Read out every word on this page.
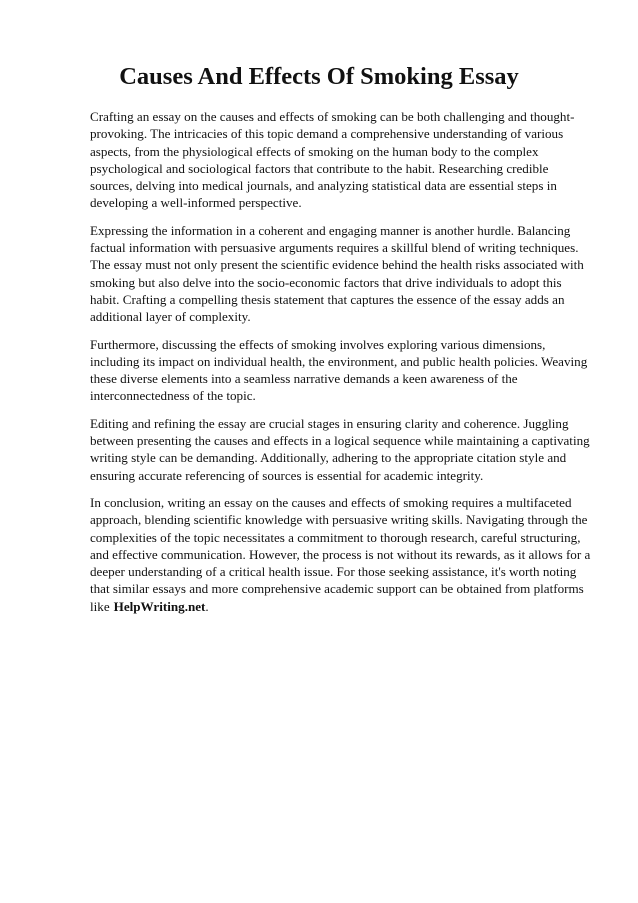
Causes And Effects Of Smoking Essay

Crafting an essay on the causes and effects of smoking can be both challenging and thought-provoking. The intricacies of this topic demand a comprehensive understanding of various aspects, from the physiological effects of smoking on the human body to the complex psychological and sociological factors that contribute to the habit. Researching credible sources, delving into medical journals, and analyzing statistical data are essential steps in developing a well-informed perspective.

Expressing the information in a coherent and engaging manner is another hurdle. Balancing factual information with persuasive arguments requires a skillful blend of writing techniques. The essay must not only present the scientific evidence behind the health risks associated with smoking but also delve into the socio-economic factors that drive individuals to adopt this habit. Crafting a compelling thesis statement that captures the essence of the essay adds an additional layer of complexity.

Furthermore, discussing the effects of smoking involves exploring various dimensions, including its impact on individual health, the environment, and public health policies. Weaving these diverse elements into a seamless narrative demands a keen awareness of the interconnectedness of the topic.

Editing and refining the essay are crucial stages in ensuring clarity and coherence. Juggling between presenting the causes and effects in a logical sequence while maintaining a captivating writing style can be demanding. Additionally, adhering to the appropriate citation style and ensuring accurate referencing of sources is essential for academic integrity.

In conclusion, writing an essay on the causes and effects of smoking requires a multifaceted approach, blending scientific knowledge with persuasive writing skills. Navigating through the complexities of the topic necessitates a commitment to thorough research, careful structuring, and effective communication. However, the process is not without its rewards, as it allows for a deeper understanding of a critical health issue. For those seeking assistance, it's worth noting that similar essays and more comprehensive academic support can be obtained from platforms like HelpWriting.net.
